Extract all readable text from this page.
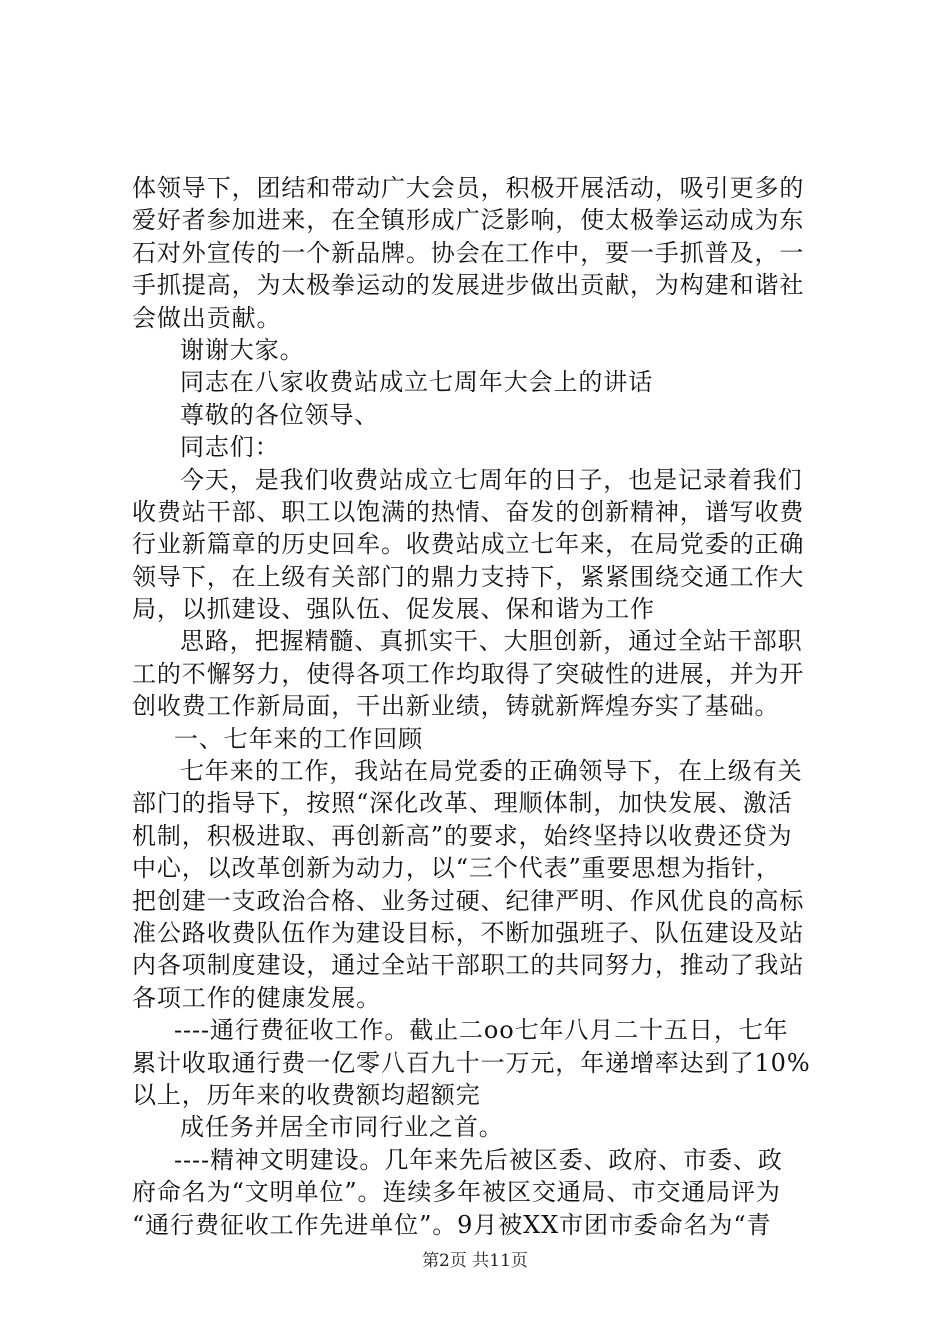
体领导下，团结和带动广大会员，积极开展活动，吸引更多的
爱好者参加进来，在全镇形成广泛影响，使太极拳运动成为东
石对外宣传的一个新品牌。协会在工作中，要一手抓普及，一
手抓提高，为太极拳运动的发展进步做出贡献，为构建和谐社
会做出贡献。
谢谢大家。
同志在八家收费站成立七周年大会上的讲话
尊敬的各位领导、
同志们：
今天，是我们收费站成立七周年的日子，也是记录着我们
收费站干部、职工以饱满的热情、奋发的创新精神，谱写收费
行业新篇章的历史回牟。收费站成立七年来，在局党委的正确
领导下，在上级有关部门的鼎力支持下，紧紧围绕交通工作大
局，以抓建设、强队伍、促发展、保和谐为工作
思路，把握精髓、真抓实干、大胆创新，通过全站干部职
工的不懈努力，使得各项工作均取得了突破性的进展，并为开
创收费工作新局面，干出新业绩，铸就新辉煌夯实了基础。
一、七年来的工作回顾
七年来的工作，我站在局党委的正确领导下，在上级有关
部门的指导下，按照“深化改革、理顺体制，加快发展、激活
机制，积极进取、再创新高”的要求，始终坚持以收费还贷为
中心，以改革创新为动力，以“三个代表”重要思想为指针，
把创建一支政治合格、业务过硬、纪律严明、作风优良的高标
准公路收费队伍作为建设目标，不断加强班子、队伍建设及站
内各项制度建设，通过全站干部职工的共同努力，推动了我站
各项工作的健康发展。
----通行费征收工作。截止二oo七年八月二十五日，七年
累计收取通行费一亿零八百九十一万元，年递增率达到了10%
以上，历年来的收费额均超额完
成任务并居全市同行业之首。
----精神文明建设。几年来先后被区委、政府、市委、政
府命名为“文明单位”。连续多年被区交通局、市交通局评为
“通行费征收工作先进单位”。9月被XX市团市委命名为“青
第2页 共11页
